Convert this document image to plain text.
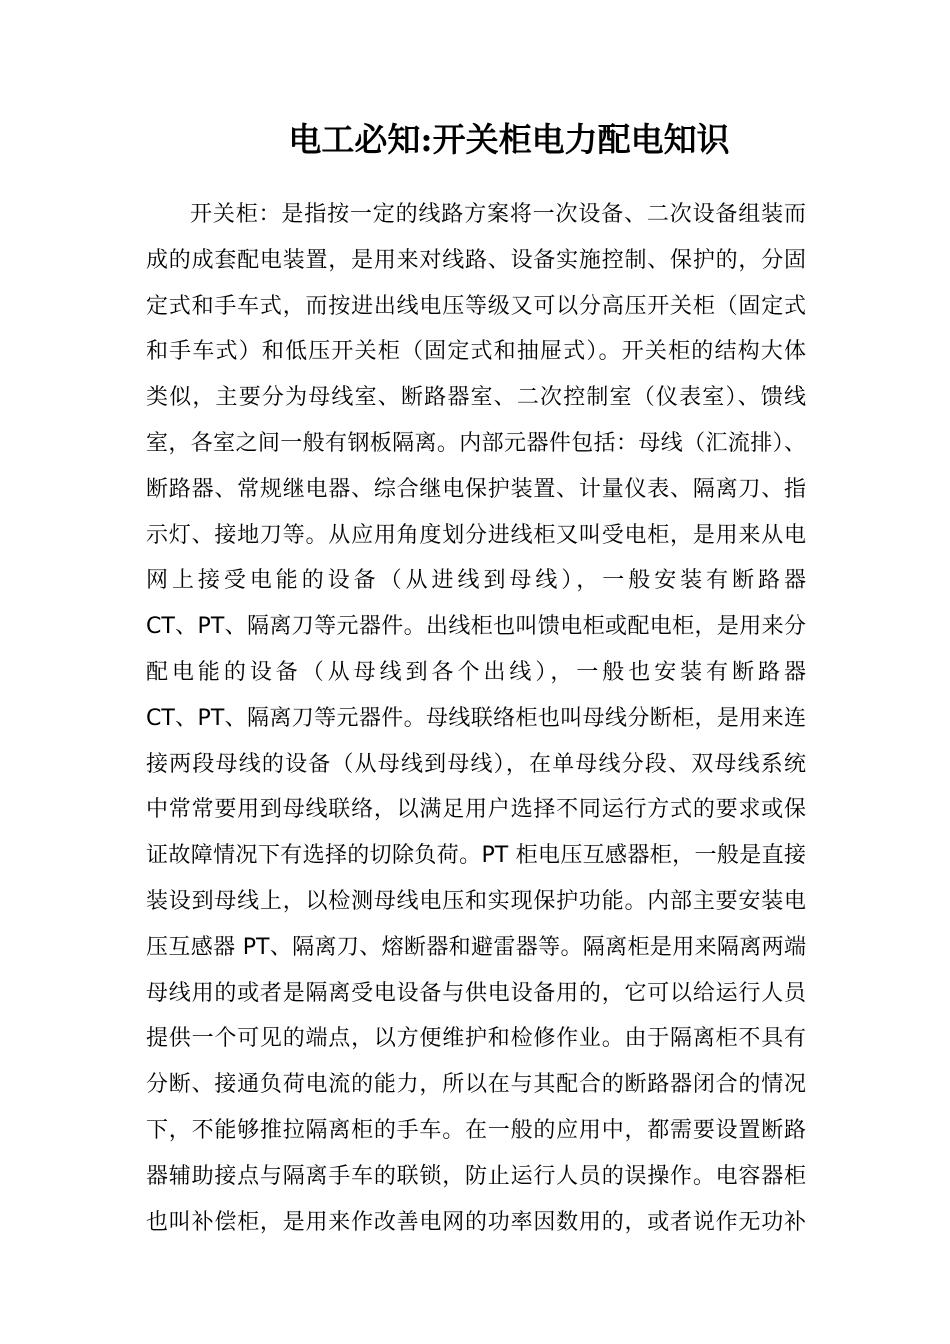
电工必知:开关柜电力配电知识
开关柜：是指按一定的线路方案将一次设备、二次设备组装而
成的成套配电装置，是用来对线路、设备实施控制、保护的，分固
定式和手车式，而按进出线电压等级又可以分高压开关柜（固定式
和手车式）和低压开关柜（固定式和抽屉式）。开关柜的结构大体
类似，主要分为母线室、断路器室、二次控制室（仪表室）、馈线
室，各室之间一般有钢板隔离。内部元器件包括：母线（汇流排）、
断路器、常规继电器、综合继电保护装置、计量仪表、隔离刀、指
示灯、接地刀等。从应用角度划分进线柜又叫受电柜，是用来从电
网上接受电能的设备（从进线到母线），一般安装有断路器
CT、PT、隔离刀等元器件。出线柜也叫馈电柜或配电柜，是用来分
配电能的设备（从母线到各个出线），一般也安装有断路器
CT、PT、隔离刀等元器件。母线联络柜也叫母线分断柜，是用来连
接两段母线的设备（从母线到母线），在单母线分段、双母线系统
中常常要用到母线联络，以满足用户选择不同运行方式的要求或保
证故障情况下有选择的切除负荷。PT 柜电压互感器柜，一般是直接
装设到母线上，以检测母线电压和实现保护功能。内部主要安装电
压互感器 PT、隔离刀、熔断器和避雷器等。隔离柜是用来隔离两端
母线用的或者是隔离受电设备与供电设备用的，它可以给运行人员
提供一个可见的端点，以方便维护和检修作业。由于隔离柜不具有
分断、接通负荷电流的能力，所以在与其配合的断路器闭合的情况
下，不能够推拉隔离柜的手车。在一般的应用中，都需要设置断路
器辅助接点与隔离手车的联锁，防止运行人员的误操作。电容器柜
也叫补偿柜，是用来作改善电网的功率因数用的，或者说作无功补
